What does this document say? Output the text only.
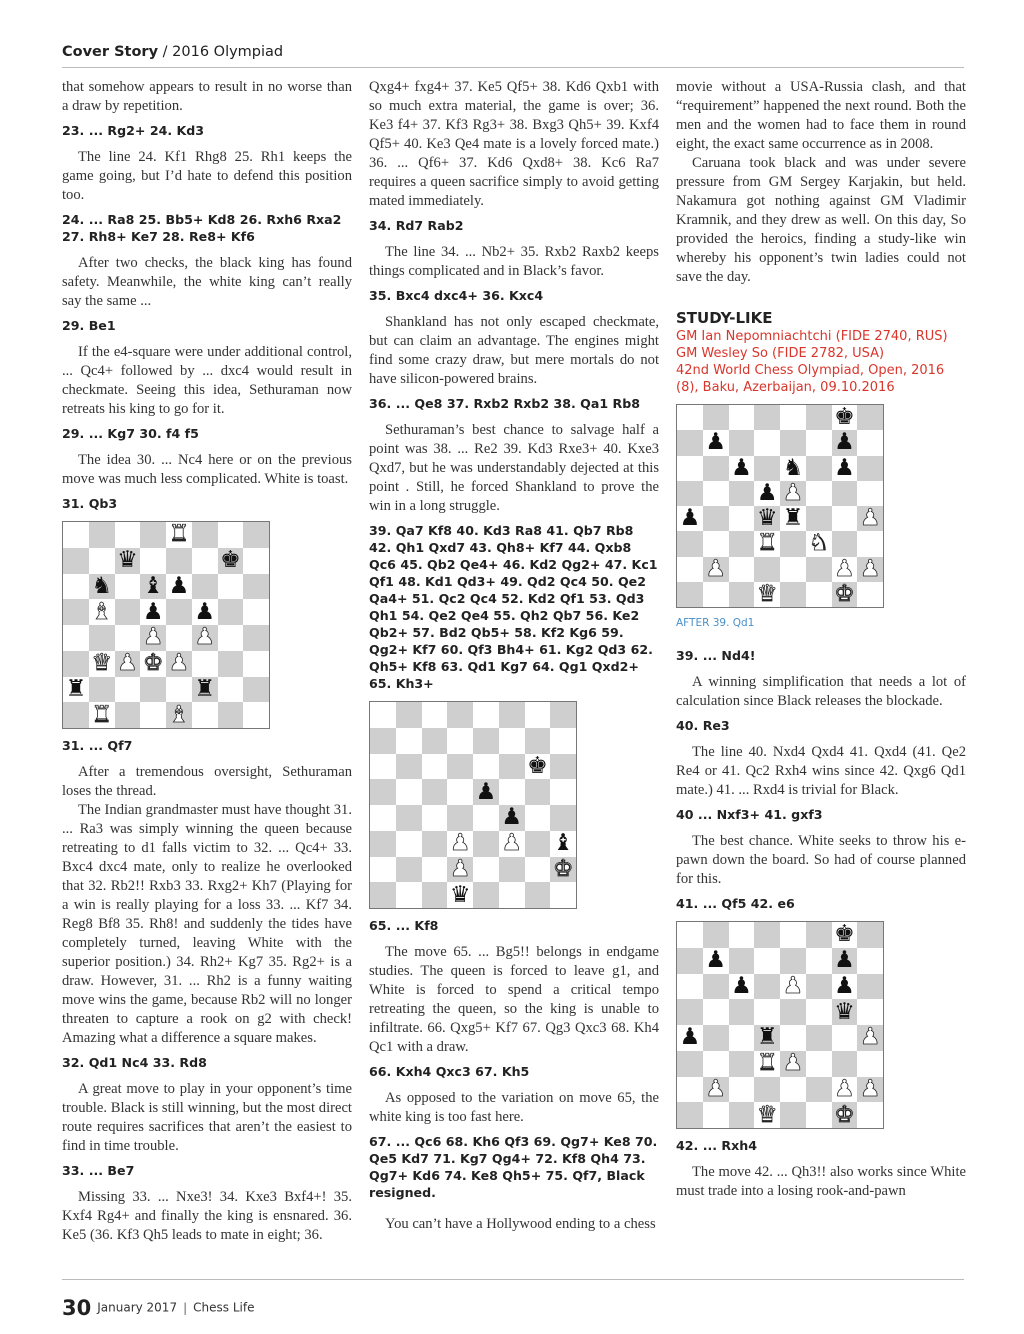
Cover Story / 2016 Olympiad

that somehow appears to result in no worse than a draw by repetition.

23. ... Rg2+ 24. Kd3

The line 24. Kf1 Rhg8 25. Rh1 keeps the game going, but I’d hate to defend this position too.

24. ... Ra8 25. Bb5+ Kd8 26. Rxh6 Rxa2 27. Rh8+ Ke7 28. Re8+ Kf6

After two checks, the black king has found safety. Meanwhile, the white king can’t really say the same ...

29. Be1

If the e4-square were under additional control, ... Qc4+ followed by ... dxc4 would result in checkmate. Seeing this idea, Sethuraman now retreats his king to go for it.

29. ... Kg7 30. f4 f5

The idea 30. ... Nc4 here or on the previous move was much less complicated. White is toast.

31. Qb3
♜
♛	♚
♞ ♝ ♟
♝ ♟ ♟
♟ ♟
♛ ♟ ♚ ♟
♜	♜
♜ ♝
31. ... Qf7

After a tremendous oversight, Sethuraman loses the thread.

The Indian grandmaster must have thought 31. ... Ra3 was simply winning the queen because retreating to d1 falls victim to 32. ... Qc4+ 33. Bxc4 dxc4 mate, only to realize he overlooked that 32. Rb2!! Rxb3 33. Rxg2+ Kh7 (Playing for a win is really playing for a loss 33. ... Kf7 34. Reg8 Bf8 35. Rh8! and suddenly the tides have completely turned, leaving White with the superior position.) 34. Rh2+ Kg7 35. Rg2+ is a draw. However, 31. ... Rh2 is a funny waiting move wins the game, because Rb2 will no longer threaten to capture a rook on g2 with check! Amazing what a difference a square makes.

32. Qd1 Nc4 33. Rd8

A great move to play in your opponent’s time trouble. Black is still winning, but the most direct route requires sacrifices that aren’t the easiest to find in time trouble.

33. ... Be7

Missing 33. ... Nxe3! 34. Kxe3 Bxf4+! 35. Kxf4 Rg4+ and finally the king is ensnared. 36. Ke5 (36. Kf3 Qh5 leads to mate in eight; 36.

Qxg4+ fxg4+ 37. Ke5 Qf5+ 38. Kd6 Qxb1 with so much extra material, the game is over; 36. Ke3 f4+ 37. Kf3 Rg3+ 38. Bxg3 Qh5+ 39. Kxf4 Qf5+ 40. Ke3 Qe4 mate is a lovely forced mate.) 36. ... Qf6+ 37. Kd6 Qxd8+ 38. Kc6 Ra7 requires a queen sacrifice simply to avoid getting mated immediately.

34. Rd7 Rab2

The line 34. ... Nb2+ 35. Rxb2 Raxb2 keeps things complicated and in Black’s favor.

35. Bxc4 dxc4+ 36. Kxc4

Shankland has not only escaped checkmate, but can claim an advantage. The engines might find some crazy draw, but mere mortals do not have silicon-powered brains.

36. ... Qe8 37. Rxb2 Rxb2 38. Qa1 Rb8

Sethuraman’s best chance to salvage half a point was 38. ... Re2 39. Kd3 Rxe3+ 40. Kxe3 Qxd7, but he was understandably dejected at this point . Still, he forced Shankland to prove the win in a long struggle.

39. Qa7 Kf8 40. Kd3 Ra8 41. Qb7 Rb8 42. Qh1 Qxd7 43. Qh8+ Kf7 44. Qxb8 Qc6 45. Qb2 Qe4+ 46. Kd2 Qg2+ 47. Kc1 Qf1 48. Kd1 Qd3+ 49. Qd2 Qc4 50. Qe2 Qa4+ 51. Qc2 Qc4 52. Kd2 Qf1 53. Qd3 Qh1 54. Qe2 Qe4 55. Qh2 Qb7 56. Ke2 Qb2+ 57. Bd2 Qb5+ 58. Kf2 Kg6 59. Qg2+ Kf7 60. Qf3 Bh4+ 61. Kg2 Qd3 62. Qh5+ Kf8 63. Qd1 Kg7 64. Qg1 Qxd2+ 65. Kh3+
♚
♟
♟
♟ ♟ ♝
♟	♚
♛
65. ... Kf8

The move 65. ... Bg5!! belongs in endgame studies. The queen is forced to leave g1, and White is forced to spend a critical tempo retreating the queen, so the king is unable to infiltrate. 66. Qxg5+ Kf7 67. Qg3 Qxc3 68. Kh4 Qc1 with a draw.

66. Kxh4 Qxc3 67. Kh5

As opposed to the variation on move 65, the white king is too fast here.

67. ... Qc6 68. Kh6 Qf3 69. Qg7+ Ke8 70. Qe5 Kd7 71. Kg7 Qg4+ 72. Kf8 Qh4 73. Qg7+ Kd6 74. Ke8 Qh5+ 75. Qf7, Black resigned.

You can’t have a Hollywood ending to a chess

movie without a USA-Russia clash, and that “requirement” happened the next round. Both the men and the women had to face them in round eight, the exact same occurrence as in 2008.

Caruana took black and was under severe pressure from GM Sergey Karjakin, but held. Nakamura got nothing against GM Vladimir Kramnik, and they drew as well. On this day, So provided the heroics, finding a study-like win whereby his opponent’s twin ladies could not save the day.

STUDY-LIKE
GM Ian Nepomniachtchi (FIDE 2740, RUS)
GM Wesley So (FIDE 2782, USA)
42nd World Chess Olympiad, Open, 2016
(8), Baku, Azerbaijan, 09.10.2016
♚
♟	♟
♟ ♞ ♟
♟ ♟
♟ ♛ ♜ ♟
♜ ♞
♟	♟ ♟
♛ ♚
AFTER 39. Qd1
39. ... Nd4!

A winning simplification that needs a lot of calculation since Black releases the blockade.

40. Re3

The line 40. Nxd4 Qxd4 41. Qxd4 (41. Qe2 Re4 or 41. Qc2 Rxh4 wins since 42. Qxg6 Qd1 mate.) 41. ... Rxd4 is trivial for Black.

40 ... Nxf3+ 41. gxf3

The best chance. White seeks to throw his e-pawn down the board. So had of course planned for this.

41. ... Qf5 42. e6
♚
♟	♟
♟ ♟ ♟
♛
♟ ♜	♟
♜ ♟
♟	♟ ♟
♛ ♚
42. ... Rxh4

The move 42. ... Qh3!! also works since White must trade into a losing rook-and-pawn

30 January 2017 | Chess Life
